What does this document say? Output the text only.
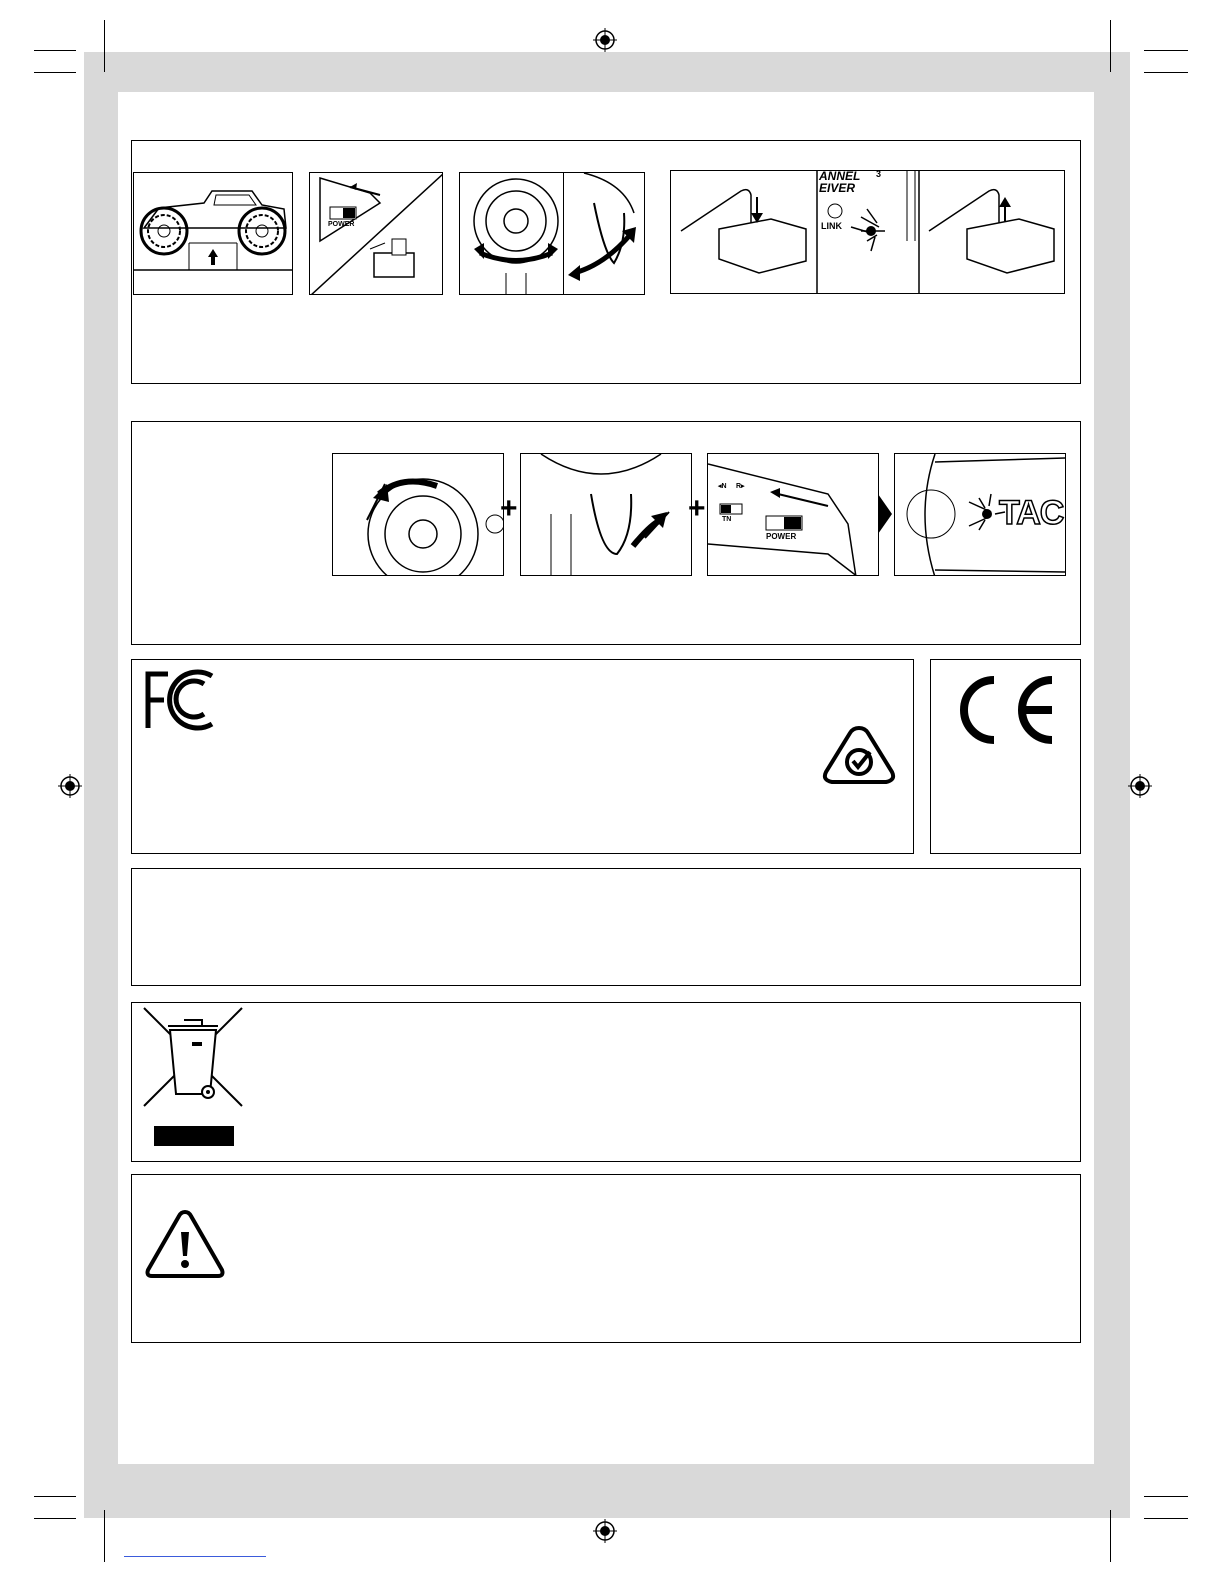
POWER
ANNEL
EIVER
3
LINK
+	+
◂N R▸
TN
POWER
TAC
